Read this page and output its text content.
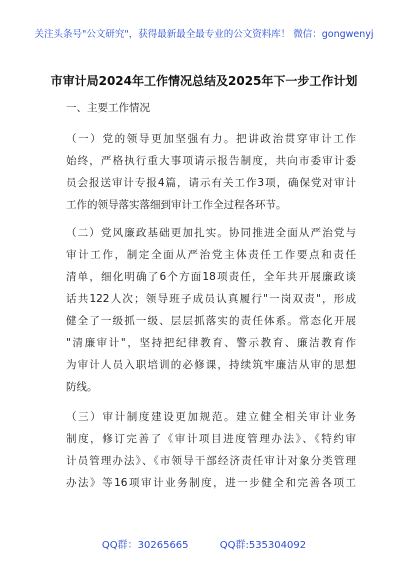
关注头条号"公文研究"，获得最新最全最专业的公文资料库！ 微信：gongwenyj
市审计局2024年工作情况总结及2025年下一步工作计划
一、主要工作情况
（一）党的领导更加坚强有力。把讲政治贯穿审计工作
始终，严格执行重大事项请示报告制度，共向市委审计委
员会报送审计专报4篇，请示有关工作3项，确保党对审计
工作的领导落实落细到审计工作全过程各环节。
（二）党风廉政基础更加扎实。协同推进全面从严治党与
审计工作，制定全面从严治党主体责任工作要点和责任
清单，细化明确了6个方面18项责任，全年共开展廉政谈
话共122人次；领导班子成员认真履行"一岗双责"，形成
健全了一级抓一级、层层抓落实的责任体系。常态化开展
"清廉审计"，坚持把纪律教育、警示教育、廉洁教育作
为审计人员入职培训的必修课，持续筑牢廉洁从审的思想
防线。
（三）审计制度建设更加规范。建立健全相关审计业务
制度，修订完善了《审计项目进度管理办法》、《特约审
计员管理办法》、《市领导干部经济责任审计对象分类管理
办法》等16项审计业务制度，进一步健全和完善各项工
QQ群：30265665	QQ群:535304092
